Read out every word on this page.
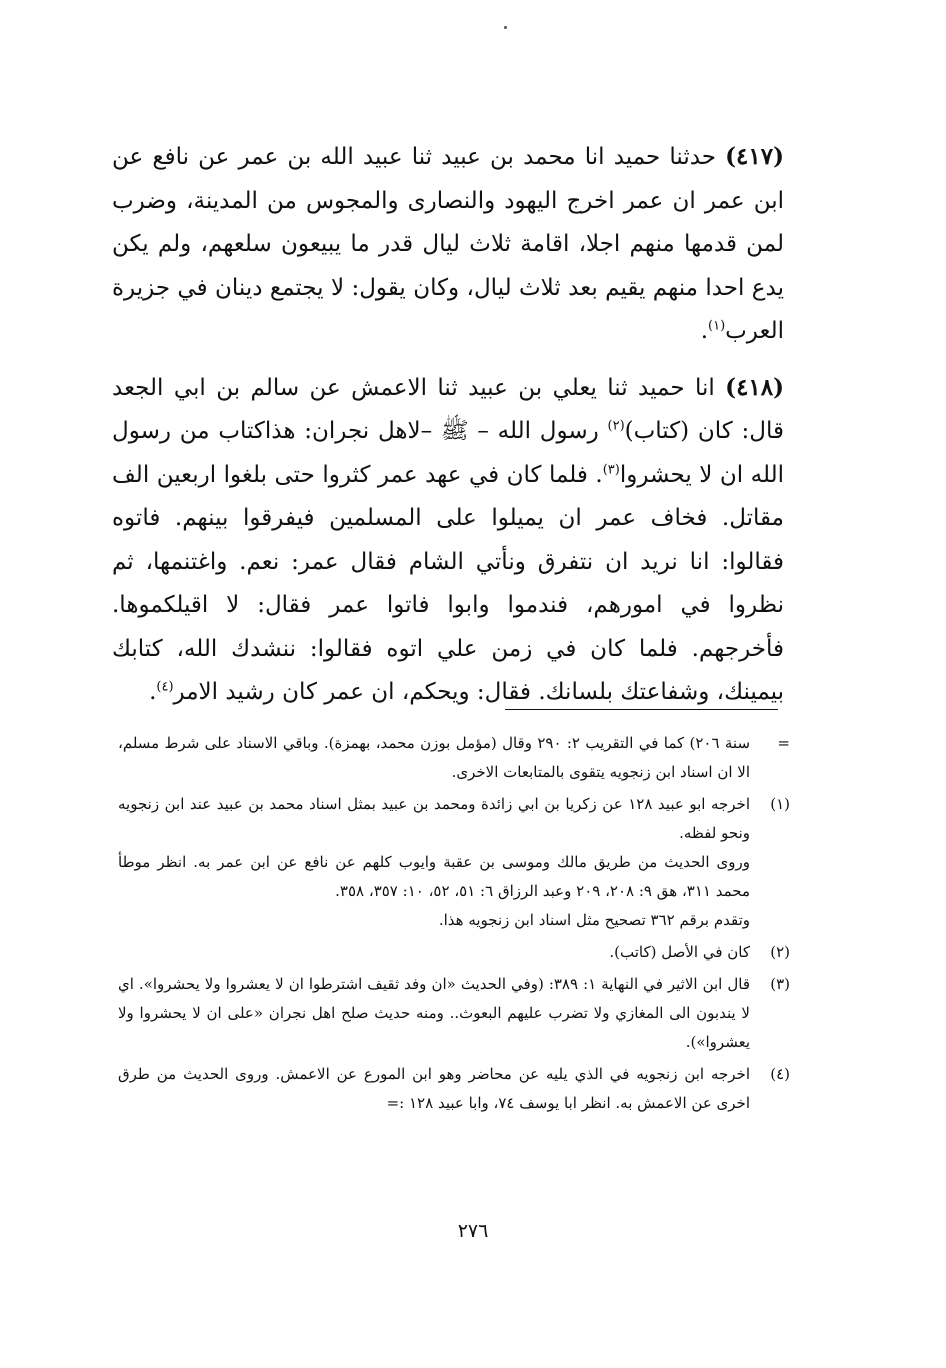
(٤١٧) حدثنا حميد انا محمد بن عبيد ثنا عبيد الله بن عمر عن نافع عن ابن عمر ان عمر اخرج اليهود والنصارى والمجوس من المدينة، وضرب لمن قدمها منهم اجلا، اقامة ثلاث ليال قدر ما يبيعون سلعهم، ولم يكن يدع احدا منهم يقيم بعد ثلاث ليال، وكان يقول: لا يجتمع دينان في جزيرة العرب$^{(١)}$.

(٤١٨) انا حميد ثنا يعلي بن عبيد ثنا الاعمش عن سالم بن ابي الجعد قال: كان (كتاب)$^{(٢)}$ رسول الله – ﷺ –لاهل نجران: هذاكتاب من رسول الله ان لا يحشروا$^{(٣)}$. فلما كان في عهد عمر كثروا حتى بلغوا اربعين الف مقاتل. فخاف عمر ان يميلوا على المسلمين فيفرقوا بينهم. فاتوه فقالوا: انا نريد ان نتفرق ونأتي الشام فقال عمر: نعم. واغتنمها، ثم نظروا في امورهم، فندموا وابوا فاتوا عمر فقال: لا اقيلكموها. فأخرجهم. فلما كان في زمن علي اتوه فقالوا: ننشدك الله، كتابك بيمينك، وشفاعتك بلسانك. فقال: ويحكم، ان عمر كان رشيد الامر$^{(٤)}$.

=

سنة ٢٠٦) كما في التقريب ٢: ٢٩٠ وقال (مؤمل بوزن محمد، بهمزة). وباقي الاسناد على شرط مسلم، الا ان اسناد ابن زنجويه يتقوى بالمتابعات الاخرى.

(١)

اخرجه ابو عبيد ١٢٨ عن زكريا بن ابي زائدة ومحمد بن عبيد بمثل اسناد محمد بن عبيد عند ابن زنجويه ونحو لفظه.

وروى الحديث من طريق مالك وموسى بن عقبة وايوب كلهم عن نافع عن ابن عمر به. انظر موطأ محمد ٣١١، هق ٩: ٢٠٨، ٢٠٩ وعبد الرزاق ٦: ٥١، ٥٢، ١٠: ٣٥٧، ٣٥٨.

وتقدم برقم ٣٦٢ تصحيح مثل اسناد ابن زنجويه هذا.

(٢)

كان في الأصل (كاتب).

(٣)

قال ابن الاثير في النهاية ١: ٣٨٩: (وفي الحديث «ان وفد ثقيف اشترطوا ان لا يعشروا ولا يحشروا». اي لا يندبون الى المغازي ولا تضرب عليهم البعوث.. ومنه حديث صلح اهل نجران «على ان لا يحشروا ولا يعشروا»).

(٤)

اخرجه ابن زنجويه في الذي يليه عن محاضر وهو ابن المورع عن الاعمش. وروى الحديث من طرق اخرى عن الاعمش به. انظر ابا يوسف ٧٤، وابا عبيد ١٢٨ :=

٢٧٦
